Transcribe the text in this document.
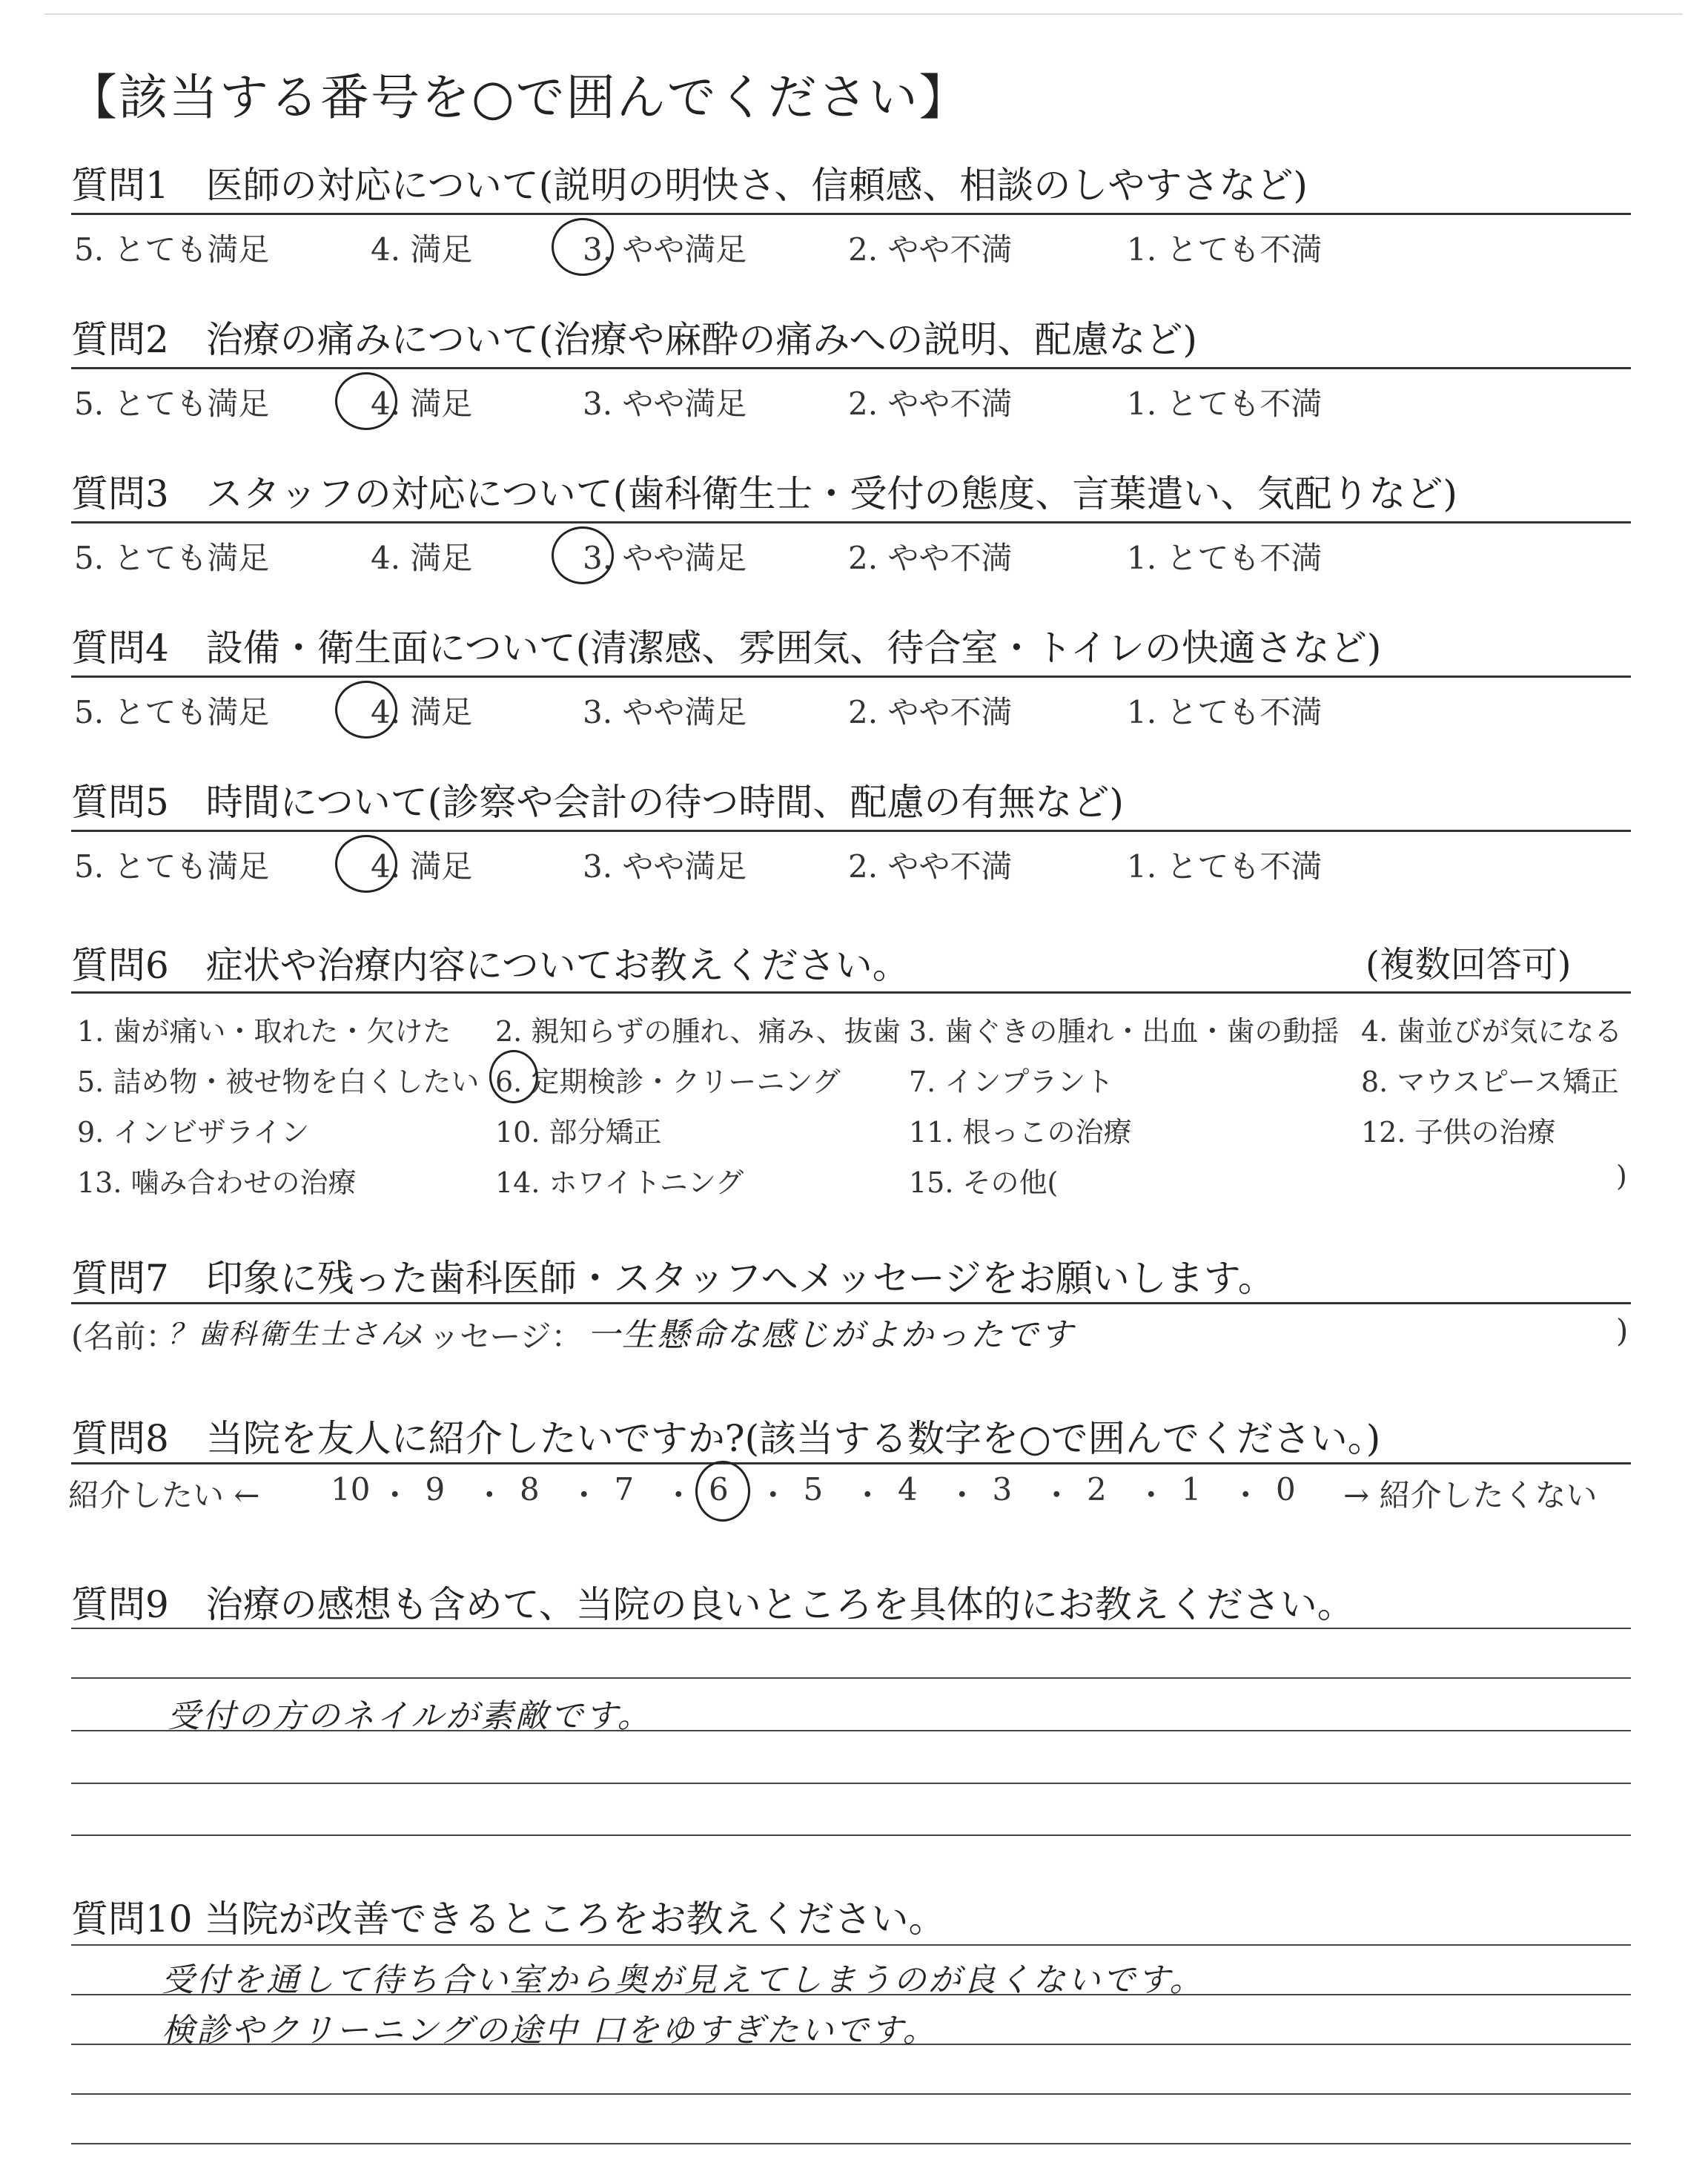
【該当する番号を○で囲んでください】
質問1　医師の対応について(説明の明快さ、信頼感、相談のしやすさなど)
5. とても満足	4. 満足	3. やや満足	2. やや不満	1. とても不満
質問2　治療の痛みについて(治療や麻酔の痛みへの説明、配慮など)
5. とても満足	4. 満足	3. やや満足	2. やや不満	1. とても不満
質問3　スタッフの対応について(歯科衛生士・受付の態度、言葉遣い、気配りなど)
5. とても満足	4. 満足	3. やや満足	2. やや不満	1. とても不満
質問4　設備・衛生面について(清潔感、雰囲気、待合室・トイレの快適さなど)
5. とても満足	4. 満足	3. やや満足	2. やや不満	1. とても不満
質問5　時間について(診察や会計の待つ時間、配慮の有無など)
5. とても満足	4. 満足	3. やや満足	2. やや不満	1. とても不満
質問6　症状や治療内容についてお教えください。	(複数回答可)
1. 歯が痛い・取れた・欠けた 2. 親知らずの腫れ、痛み、抜歯 3. 歯ぐきの腫れ・出血・歯の動揺 4. 歯並びが気になる
5. 詰め物・被せ物を白くしたい 6. 定期検診・クリーニング 7. インプラント	8. マウスピース矯正
9. インビザライン	10. 部分矯正	11. 根っこの治療	12. 子供の治療
13. 噛み合わせの治療	14. ホワイトニング	15. その他(	)
質問7　印象に残った歯科医師・スタッフへメッセージをお願いします。
(名前：
？歯科衛生士さん
メッセージ： 一生懸命な感じがよかったです	)
質問8　当院を友人に紹介したいですか?(該当する数字を○で囲んでください。)
紹介したい ← 10 ・ 9 ・ 8 ・ 7 ・ 6 ・ 5 ・ 4 ・ 3 ・ 2 ・ 1 ・ 0 → 紹介したくない
質問9　治療の感想も含めて、当院の良いところを具体的にお教えください。
受付の方のネイルが素敵です。
質問10 当院が改善できるところをお教えください。
受付を通して待ち合い室から奥が見えてしまうのが良くないです。
検診やクリーニングの途中 口をゆすぎたいです。
